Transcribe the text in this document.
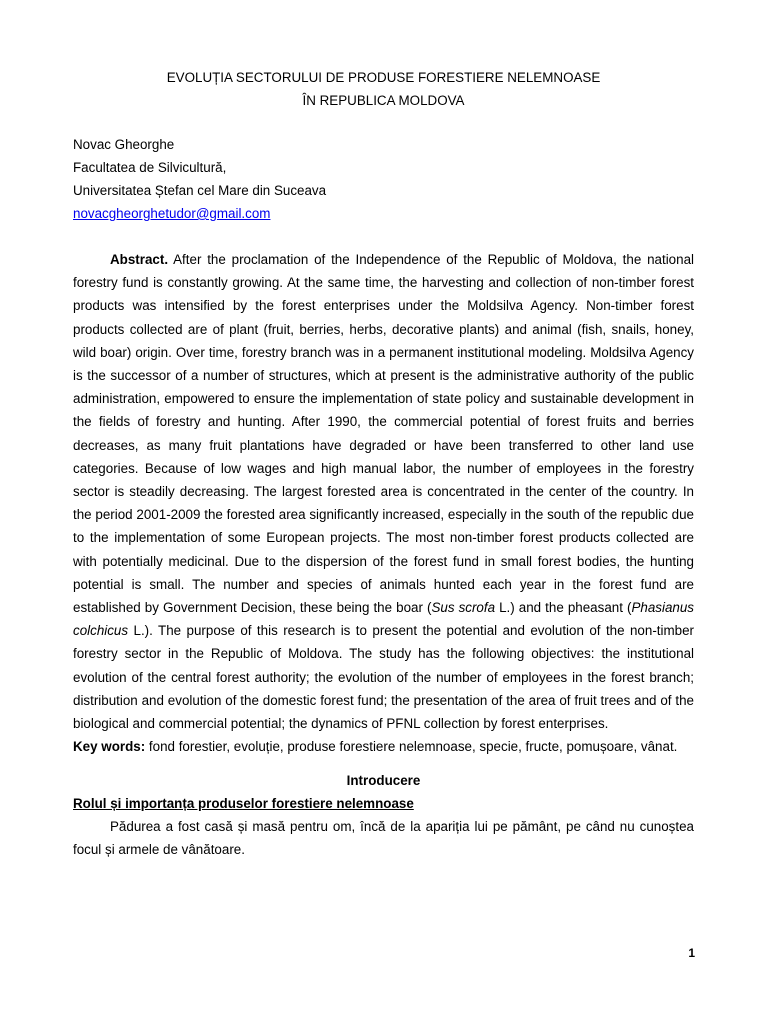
EVOLUȚIA SECTORULUI DE PRODUSE FORESTIERE NELEMNOASE
ÎN REPUBLICA MOLDOVA

Novac Gheorghe
Facultatea de Silvicultură,
Universitatea Ștefan cel Mare din Suceava
novacgheorghetudor@gmail.com
Abstract. After the proclamation of the Independence of the Republic of Moldova, the national forestry fund is constantly growing. At the same time, the harvesting and collection of non-timber forest products was intensified by the forest enterprises under the Moldsilva Agency. Non-timber forest products collected are of plant (fruit, berries, herbs, decorative plants) and animal (fish, snails, honey, wild boar) origin. Over time, forestry branch was in a permanent institutional modeling. Moldsilva Agency is the successor of a number of structures, which at present is the administrative authority of the public administration, empowered to ensure the implementation of state policy and sustainable development in the fields of forestry and hunting. After 1990, the commercial potential of forest fruits and berries decreases, as many fruit plantations have degraded or have been transferred to other land use categories. Because of low wages and high manual labor, the number of employees in the forestry sector is steadily decreasing. The largest forested area is concentrated in the center of the country. In the period 2001-2009 the forested area significantly increased, especially in the south of the republic due to the implementation of some European projects. The most non-timber forest products collected are with potentially medicinal. Due to the dispersion of the forest fund in small forest bodies, the hunting potential is small. The number and species of animals hunted each year in the forest fund are established by Government Decision, these being the boar (Sus scrofa L.) and the pheasant (Phasianus colchicus L.). The purpose of this research is to present the potential and evolution of the non-timber forestry sector in the Republic of Moldova. The study has the following objectives: the institutional evolution of the central forest authority; the evolution of the number of employees in the forest branch; distribution and evolution of the domestic forest fund; the presentation of the area of fruit trees and of the biological and commercial potential; the dynamics of PFNL collection by forest enterprises.
Key words: fond forestier, evoluție, produse forestiere nelemnoase, specie, fructe, pomușoare, vânat.
Introducere
Rolul și importanța produselor forestiere nelemnoase
Pădurea a fost casă și masă pentru om, încă de la apariția lui pe pământ, pe când nu cunoștea focul și armele de vânătoare.
1
